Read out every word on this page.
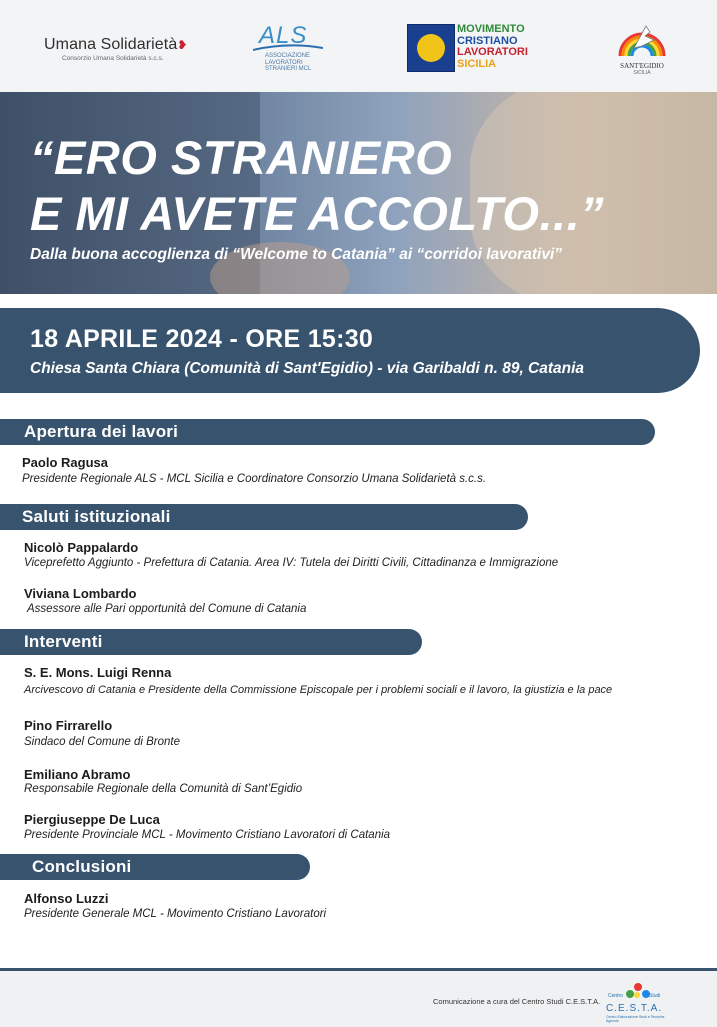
Umana Solidarietà❥
Consorzio Umana Solidarietà s.c.s.
ALS
ASSOCIAZIONE
LAVORATORI
STRANIERI MCL
MOVIMENTO
CRISTIANO
LAVORATORI
SICILIA	SANT'EGIDIO
SICILIA
“ERO STRANIERO
E MI AVETE ACCOLTO...”
Dalla buona accoglienza di “Welcome to Catania” ai “corridoi lavorativi”
18 APRILE 2024 - ORE 15:30
Chiesa Santa Chiara (Comunità di Sant'Egidio) - via Garibaldi n. 89, Catania
Apertura dei lavori
Paolo Ragusa
Presidente Regionale ALS - MCL Sicilia e Coordinatore Consorzio Umana Solidarietà s.c.s.
Saluti istituzionali
Nicolò Pappalardo
Viceprefetto Aggiunto - Prefettura di Catania. Area IV: Tutela dei Diritti Civili, Cittadinanza e Immigrazione
Viviana Lombardo
Assessore alle Pari opportunità del Comune di Catania
Interventi
S. E. Mons. Luigi Renna
Arcivescovo di Catania e Presidente della Commissione Episcopale per i problemi sociali e il lavoro, la giustizia e la pace
Pino Firrarello
Sindaco del Comune di Bronte
Emiliano Abramo
Responsabile Regionale della Comunità di Sant’Egidio
Piergiuseppe De Luca
Presidente Provinciale MCL - Movimento Cristiano Lavoratori di Catania
Conclusioni
Alfonso Luzzi
Presidente Generale MCL - Movimento Cristiano Lavoratori
Comunicazione a cura del Centro Studi C.E.S.T.A.
Centro	Studi
C.E.S.T.A.
Centro Elaborazione Studi e Tecniche Agricole
